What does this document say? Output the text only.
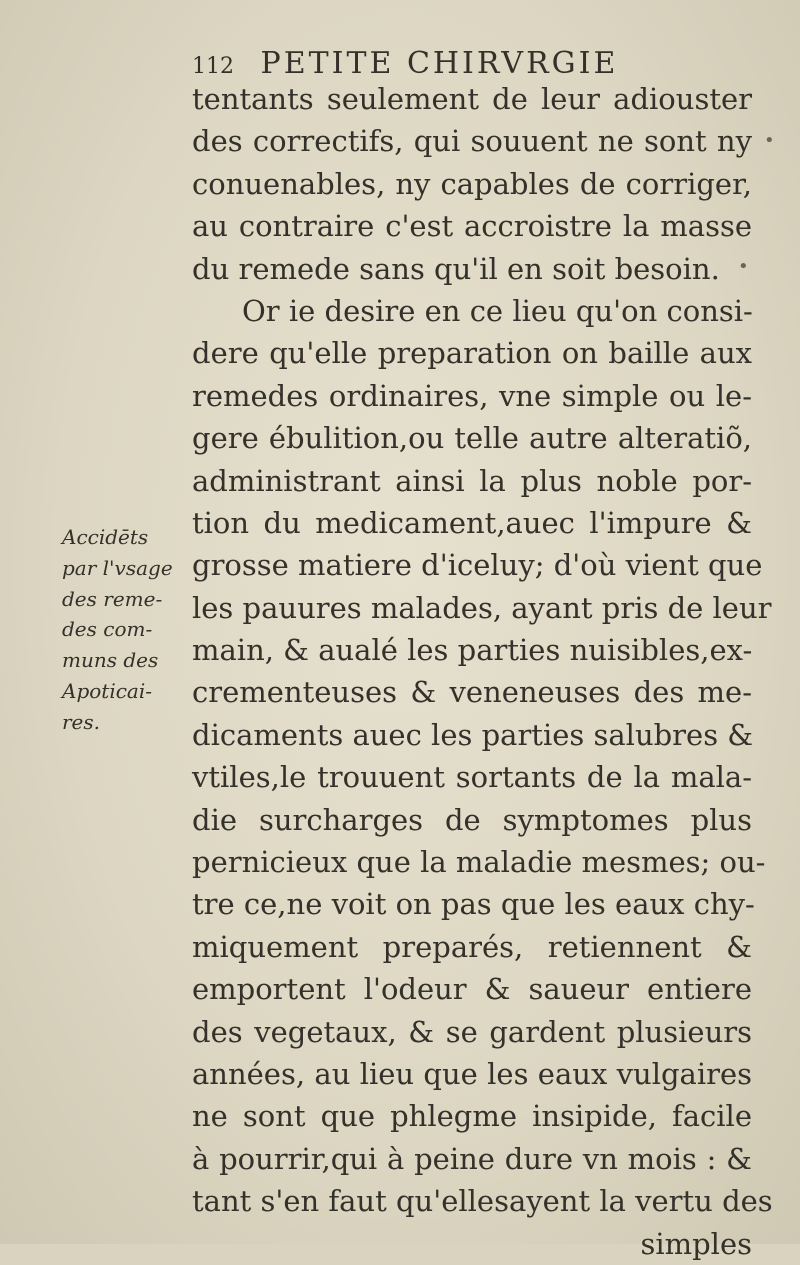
112 PETITE CHIRVRGIE
tentants seulement de leur adiouster
des correctifs, qui souuent ne sont ny
conuenables, ny capables de corriger,
au contraire c'est accroistre la masse
du remede sans qu'il en soit besoin.
Or ie desire en ce lieu qu'on consi-
dere qu'elle preparation on baille aux
remedes ordinaires, vne simple ou le-
gere ébulition,ou telle autre alteratiõ,
administrant ainsi la plus noble por-
tion du medicament,auec l'impure &
grosse matiere d'iceluy; d'où vient que
les pauures malades, ayant pris de leur
main, & aualé les parties nuisibles,ex-
crementeuses & veneneuses des me-
dicaments auec les parties salubres &
vtiles,le trouuent sortants de la mala-
die surcharges de symptomes plus
pernicieux que la maladie mesmes; ou-
tre ce,ne voit on pas que les eaux chy-
miquement preparés, retiennent &
emportent l'odeur & saueur entiere
des vegetaux, & se gardent plusieurs
années, au lieu que les eaux vulgaires
ne sont que phlegme insipide, facile
à pourrir,qui à peine dure vn mois : &
tant s'en faut qu'ellesayent la vertu des
simples
Accidēts
par l'vsage
des reme-
des com-
muns des
Apoticai-
res.
•
•
